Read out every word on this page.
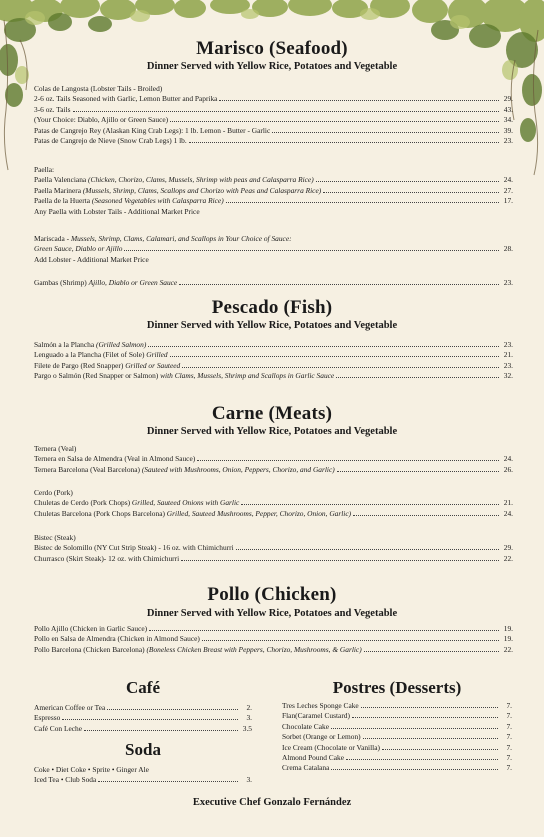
Marisco (Seafood)
Dinner Served with Yellow Rice, Potatoes and Vegetable
Colas de Langosta (Lobster Tails - Broiled)
2-6 oz. Tails Seasoned with Garlic, Lemon Butter and Paprika	29.
3-6 oz. Tails	43.
(Your Choice: Diablo, Ajillo or Green Sauce)	34.
Patas de Cangrejo Rey (Alaskan King Crab Legs): 1 lb. Lemon - Butter - Garlic	39.
Patas de Cangrejo de Nieve (Snow Crab Legs) 1 lb.	23.
Paella:
Paella Valenciana (Chicken, Chorizo, Clams, Mussels, Shrimp with peas and Calasparra Rice)	24.
Paella Marinera (Mussels, Shrimp, Clams, Scallops and Chorizo with Peas and Calasparra Rice)	27.
Paella de la Huerta (Seasoned Vegetables with Calasparra Rice)	17.
Any Paella with Lobster Tails - Additional Market Price
Mariscada - Mussels, Shrimp, Clams, Calamari, and Scallops in Your Choice of Sauce:
Green Sauce, Diablo or Ajillo	28.
Add Lobster - Additional Market Price
Gambas (Shrimp) Ajillo, Diablo or Green Sauce	23.
Pescado (Fish)
Dinner Served with Yellow Rice, Potatoes and Vegetable
Salmón a la Plancha (Grilled Salmon)	23.
Lenguado a la Plancha (Filet of Sole) Grilled	21.
Filete de Pargo (Red Snapper) Grilled or Sauteed	23.
Pargo o Salmón (Red Snapper or Salmon) with Clams, Mussels, Shrimp and Scallops in Garlic Sauce	32.
Carne (Meats)
Dinner Served with Yellow Rice, Potatoes and Vegetable
Ternera (Veal)
Ternera en Salsa de Almendra (Veal in Almond Sauce)	24.
Ternera Barcelona (Veal Barcelona) (Sauteed with Mushrooms, Onion, Peppers, Chorizo, and Garlic)	26.
Cerdo (Pork)
Chuletas de Cerdo (Pork Chops) Grilled, Sauteed Onions with Garlic	21.
Chuletas Barcelona (Pork Chops Barcelona) Grilled, Sauteed Mushrooms, Pepper, Chorizo, Onion, Garlic)	24.
Bistec (Steak)
Bistec de Solomillo (NY Cut Strip Steak) - 16 oz. with Chimichurri	29.
Churrasco (Skirt Steak)- 12 oz. with Chimichurri	22.
Pollo (Chicken)
Dinner Served with Yellow Rice, Potatoes and Vegetable
Pollo Ajillo (Chicken in Garlic Sauce)	19.
Pollo en Salsa de Almendra (Chicken in Almond Sauce)	19.
Pollo Barcelona (Chicken Barcelona) (Boneless Chicken Breast with Peppers, Chorizo, Mushrooms, & Garlic)	22.
Café
American Coffee or Tea	2.
Espresso	3.
Café Con Leche	3.5
Soda
Coke • Diet Coke • Sprite • Ginger Ale
Iced Tea • Club Soda	3.
Postres (Desserts)
Tres Leches Sponge Cake	7.
Flan(Caramel Custard)	7.
Chocolate Cake	7.
Sorbet (Orange or Lemon)	7.
Ice Cream (Chocolate or Vanilla)	7.
Almond Pound Cake	7.
Crema Catalana	7.
Executive Chef Gonzalo Fernández
